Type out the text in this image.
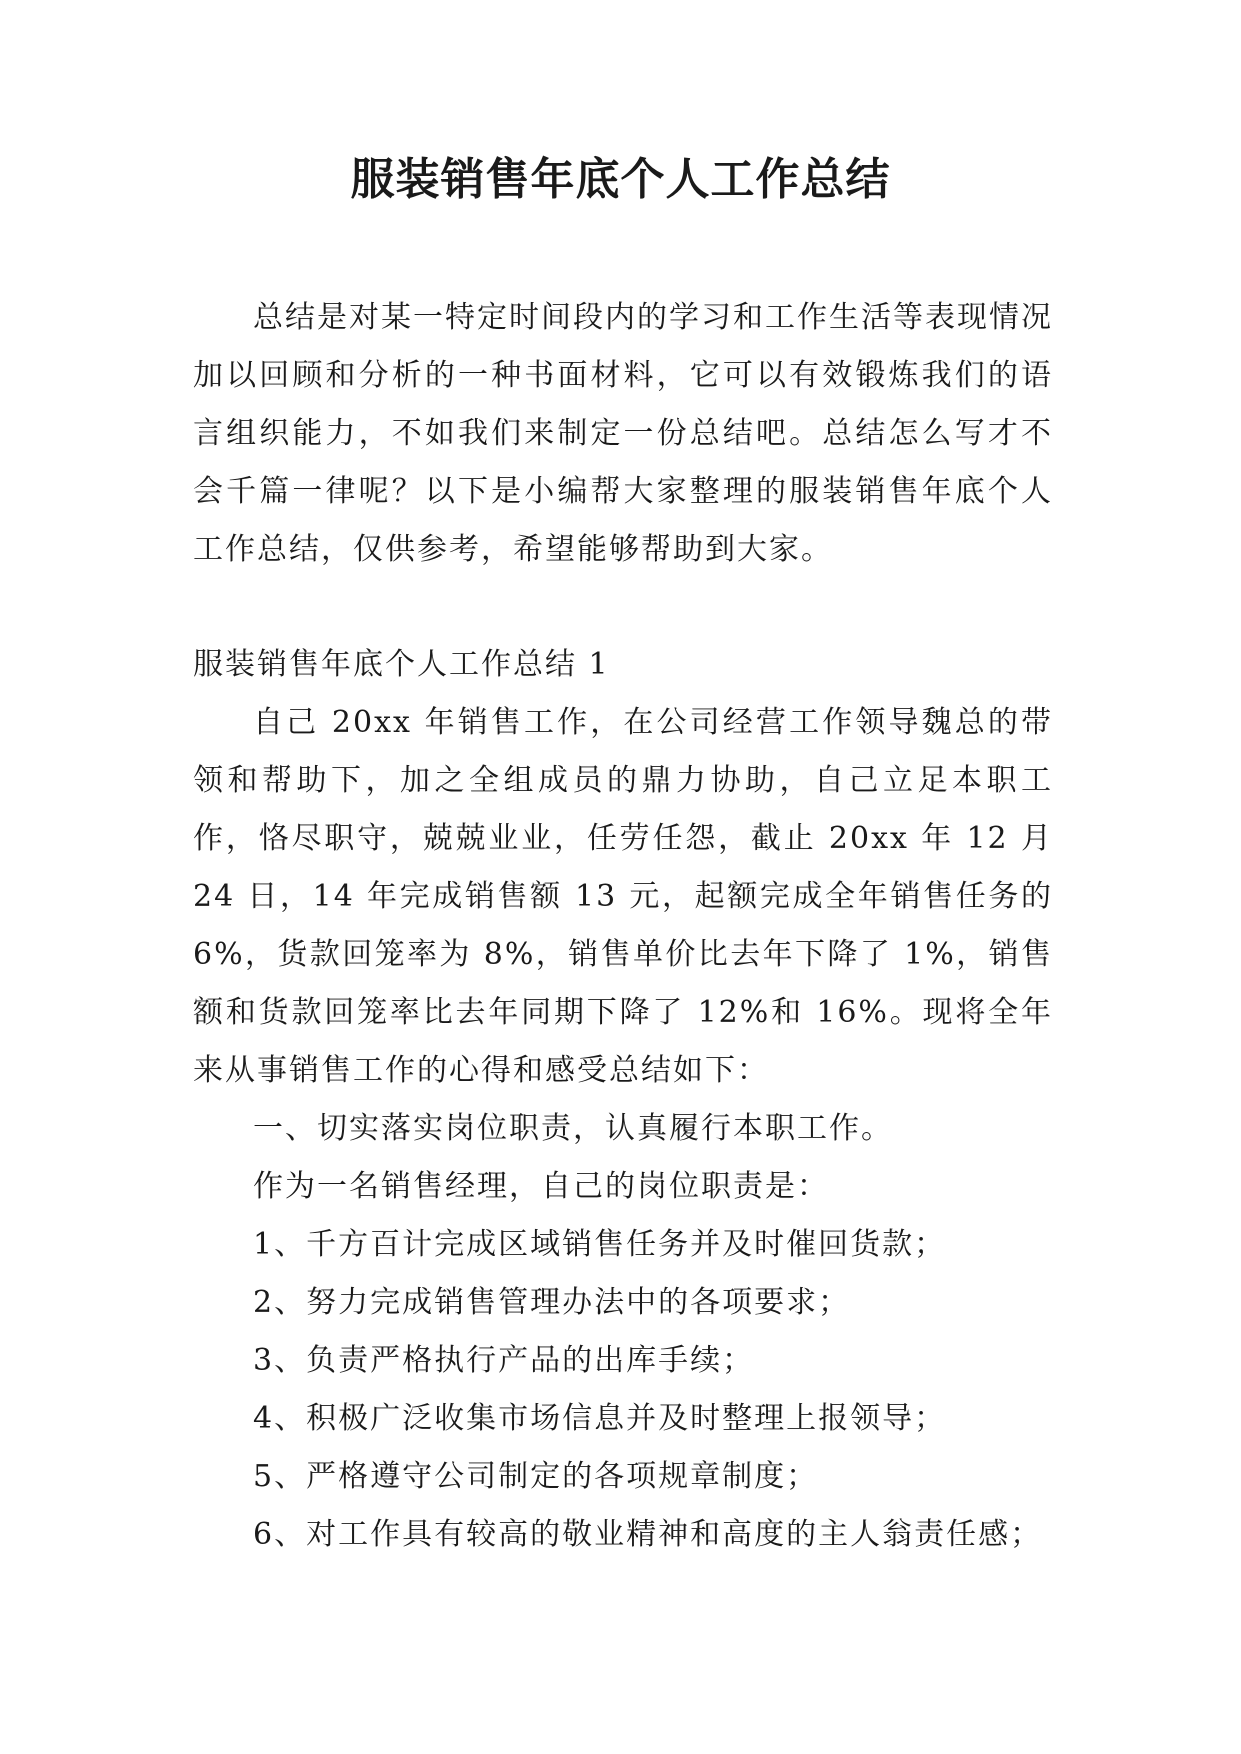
服装销售年底个人工作总结

总结是对某一特定时间段内的学习和工作生活等表现情况加以回顾和分析的一种书面材料，它可以有效锻炼我们的语言组织能力，不如我们来制定一份总结吧。总结怎么写才不会千篇一律呢？以下是小编帮大家整理的服装销售年底个人工作总结，仅供参考，希望能够帮助到大家。

服装销售年底个人工作总结 1

自己 20xx 年销售工作，在公司经营工作领导魏总的带领和帮助下，加之全组成员的鼎力协助，自己立足本职工作，恪尽职守，兢兢业业，任劳任怨，截止 20xx 年 12 月 24 日，14 年完成销售额 13 元，起额完成全年销售任务的 6%，货款回笼率为 8%，销售单价比去年下降了 1%，销售额和货款回笼率比去年同期下降了 12%和 16%。现将全年来从事销售工作的心得和感受总结如下：

一、切实落实岗位职责，认真履行本职工作。
作为一名销售经理，自己的岗位职责是：
1、千方百计完成区域销售任务并及时催回货款；
2、努力完成销售管理办法中的各项要求；
3、负责严格执行产品的出库手续；
4、积极广泛收集市场信息并及时整理上报领导；
5、严格遵守公司制定的各项规章制度；
6、对工作具有较高的敬业精神和高度的主人翁责任感；
